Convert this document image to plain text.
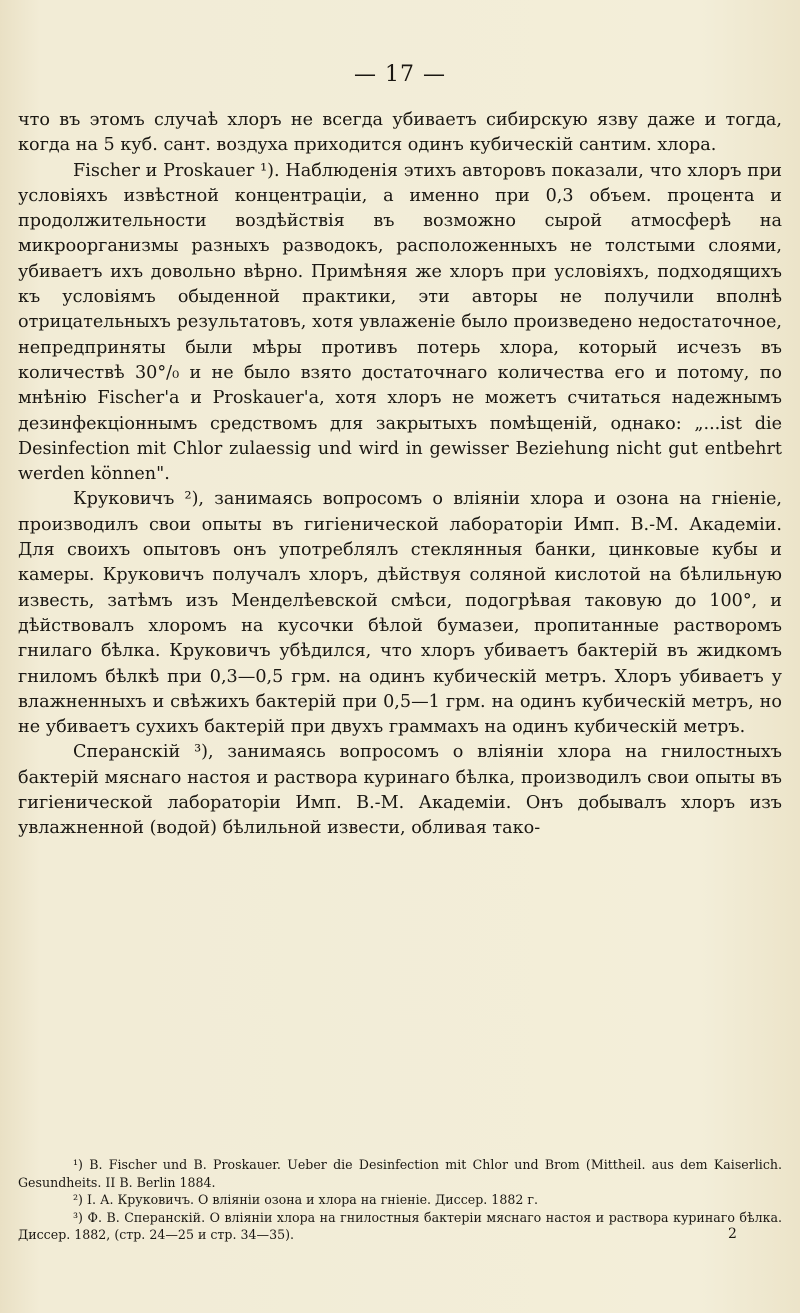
— 17 —

что въ этомъ случаѣ хлоръ не всегда убиваетъ сибирскую язву даже и тогда, когда на 5 куб. сант. воздуха приходится одинъ кубическій сантим. хлора.

Fischer и Proskauer ¹). Наблюденія этихъ авторовъ показали, что хлоръ при условіяхъ извѣстной концентраціи, а именно при 0,3 объем. процента и продолжительности воздѣйствія въ возможно сырой атмосферѣ на микроорганизмы разныхъ разводокъ, расположенныхъ не толстыми слоями, убиваетъ ихъ довольно вѣрно. Примѣняя же хлоръ при условіяхъ, подходящихъ къ условіямъ обыденной практики, эти авторы не получили вполнѣ отрицательныхъ результатовъ, хотя увлаженіе было произведено недостаточное, непредприняты были мѣры противъ потерь хлора, который исчезъ въ количествѣ 30°/₀ и не было взято достаточнаго количества его и потому, по мнѣнію Fischer'а и Proskauer'а, хотя хлоръ не можетъ считаться надежнымъ дезинфекціоннымъ средствомъ для закрытыхъ помѣщеній, однако: „...ist die Desinfection mit Chlor zulaessig und wird in gewisser Beziehung nicht gut entbehrt werden können".

Круковичъ ²), занимаясь вопросомъ о вліяніи хлора и озона на гніеніе, производилъ свои опыты въ гигіенической лабораторіи Имп. В.-М. Академіи. Для своихъ опытовъ онъ употреблялъ стеклянныя банки, цинковые кубы и камеры. Круковичъ получалъ хлоръ, дѣйствуя соляной кислотой на бѣлильную известь, затѣмъ изъ Менделѣевской смѣси, подогрѣвая таковую до 100°, и дѣйствовалъ хлоромъ на кусочки бѣлой бумазеи, пропитанные растворомъ гнилаго бѣлка. Круковичъ убѣдился, что хлоръ убиваетъ бактерій въ жидкомъ гниломъ бѣлкѣ при 0,3—0,5 грм. на одинъ кубическій метръ. Хлоръ убиваетъ у влажненныхъ и свѣжихъ бактерій при 0,5—1 грм. на одинъ кубическій метръ, но не убиваетъ сухихъ бактерій при двухъ граммахъ на одинъ кубическій метръ.

Сперанскій ³), занимаясь вопросомъ о вліяніи хлора на гнилостныхъ бактерій мяснаго настоя и раствора куринаго бѣлка, производилъ свои опыты въ гигіенической лабораторіи Имп. В.-М. Академіи. Онъ добывалъ хлоръ изъ увлажненной (водой) бѣлильной извести, обливая тако-

¹) B. Fischer und B. Proskauer. Ueber die Desinfection mit Chlor und Brom (Mittheil. aus dem Kaiserlich. Gesundheits. II B. Berlin 1884.

²) I. А. Круковичъ. О вліяніи озона и хлора на гніеніе. Диссер. 1882 г.

³) Ф. В. Сперанскій. О вліяніи хлора на гнилостныя бактеріи мяснаго настоя и раствора куринаго бѣлка. Диссер. 1882, (стр. 24—25 и стр. 34—35).	2
